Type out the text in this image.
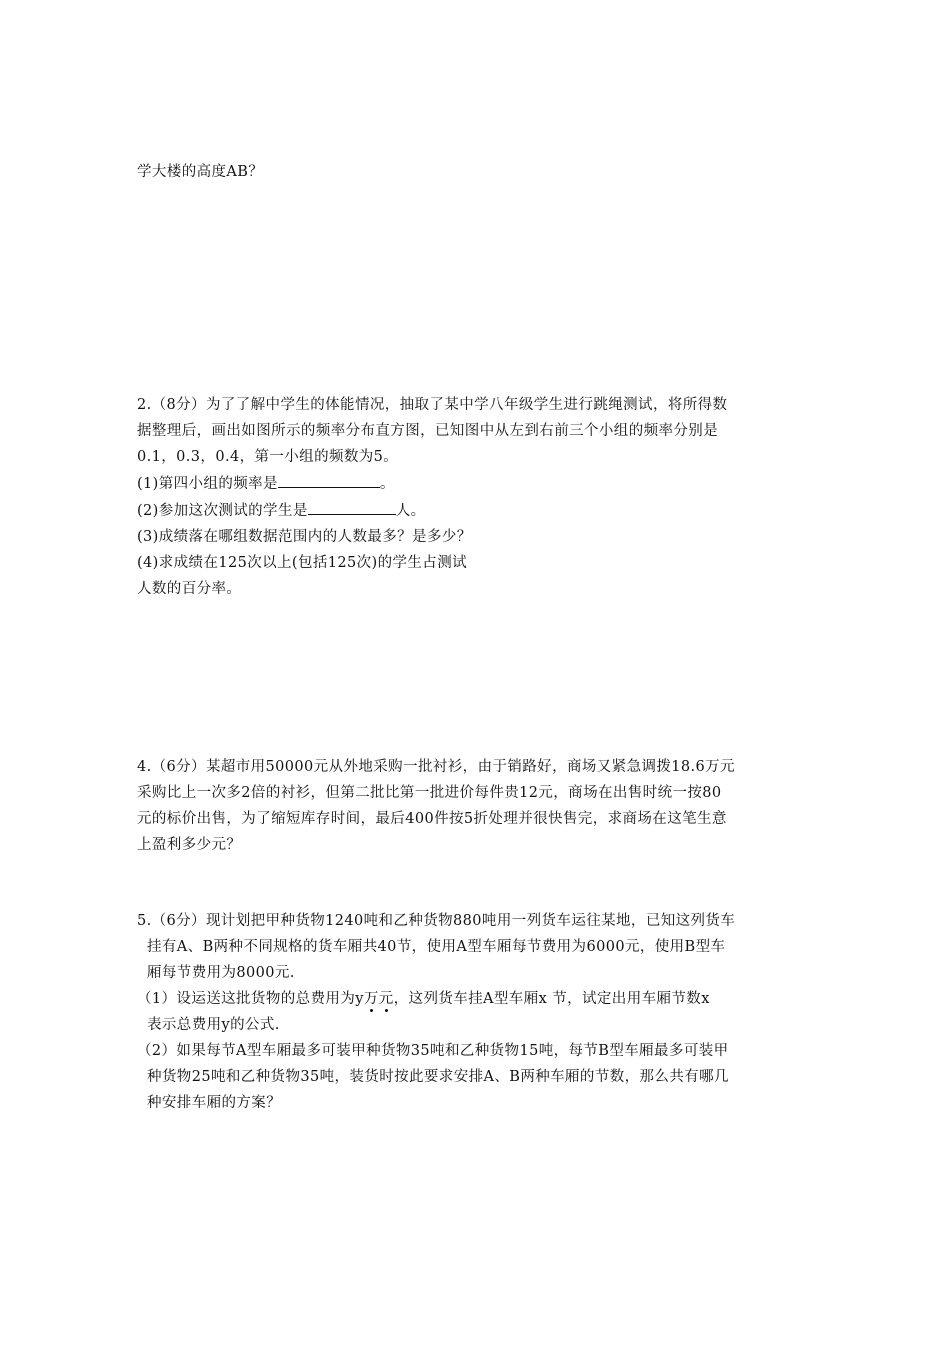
学大楼的高度AB？
2.（8分）为了了解中学生的体能情况，抽取了某中学八年级学生进行跳绳测试，将所得数
据整理后，画出如图所示的频率分布直方图，已知图中从左到右前三个小组的频率分别是
0.1，0.3，0.4，第一小组的频数为5。
(1)第四小组的频率是	。
(2)参加这次测试的学生是	人。
(3)成绩落在哪组数据范围内的人数最多？是多少？
(4)求成绩在125次以上(包括125次)的学生占测试
人数的百分率。
4.（6分）某超市用50000元从外地采购一批衬衫，由于销路好，商场又紧急调拨18.6万元
采购比上一次多2倍的衬衫，但第二批比第一批进价每件贵12元，商场在出售时统一按80
元的标价出售，为了缩短库存时间，最后400件按5折处理并很快售完，求商场在这笔生意
上盈利多少元？
5.（6分）现计划把甲种货物1240吨和乙种货物880吨用一列货车运往某地，已知这列货车
挂有A、B两种不同规格的货车厢共40节，使用A型车厢每节费用为6000元，使用B型车
厢每节费用为8000元.
（1）设运送这批货物的总费用为y万元，这列货车挂A型车厢x 节，试定出用车厢节数x
表示总费用y的公式.
（2）如果每节A型车厢最多可装甲种货物35吨和乙种货物15吨，每节B型车厢最多可装甲
种货物25吨和乙种货物35吨，装货时按此要求安排A、B两种车厢的节数，那么共有哪几
种安排车厢的方案？
